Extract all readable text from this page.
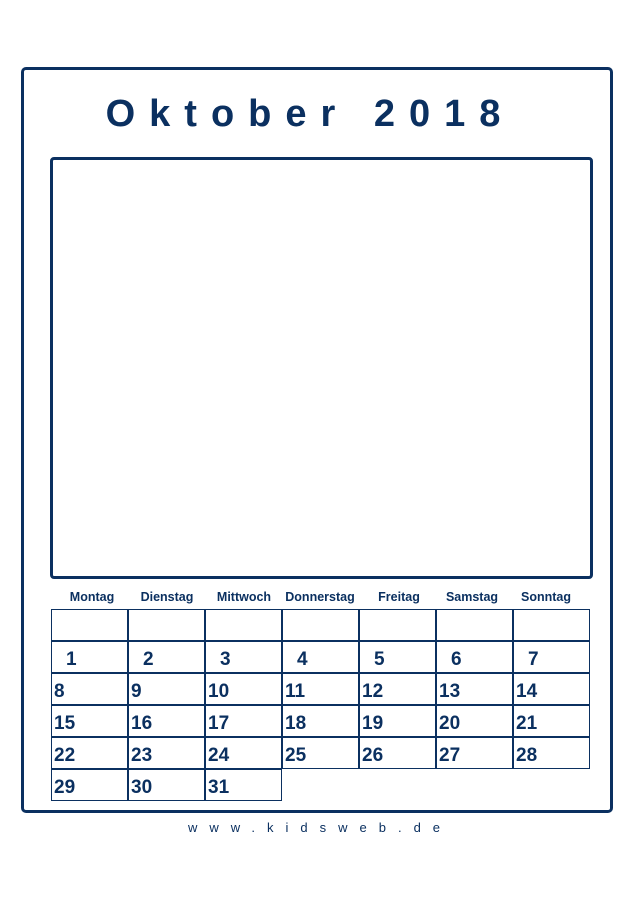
Oktober 2018
Montag	Dienstag	Mittwoch	Donnerstag	Freitag	Samstag	Sonntag
1	2	3	4	5	6	7
8	9	10	11	12	13	14
15	16	17	18	19	20	21
22	23	24	25	26	27	28
29	30	31
www.kidsweb.de
